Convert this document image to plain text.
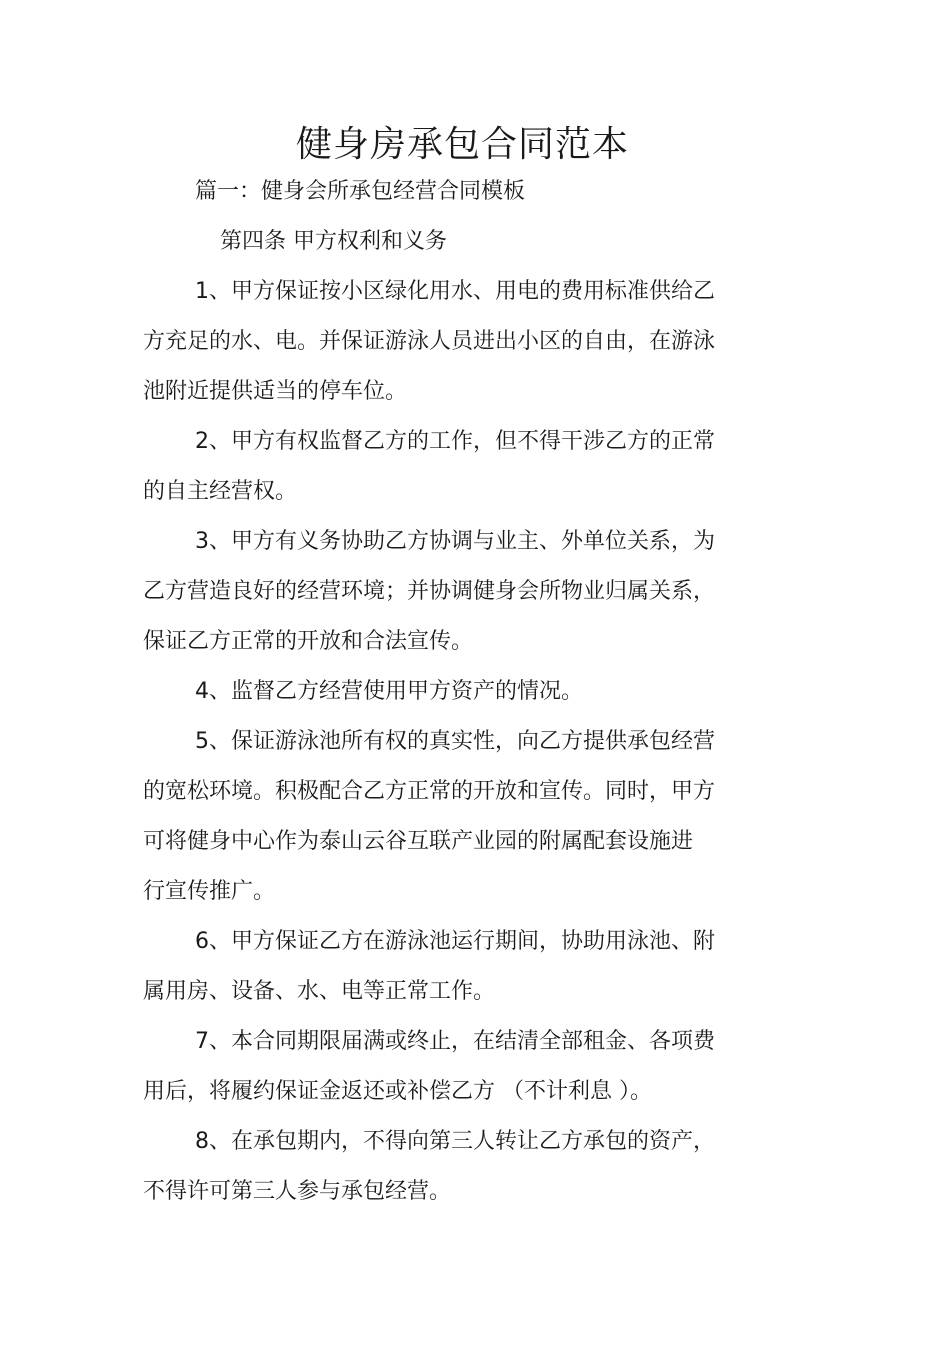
健身房承包合同范本
篇一：健身会所承包经营合同模板
第四条 甲方权利和义务
1、甲方保证按小区绿化用水、用电的费用标准供给乙
方充足的水、电。并保证游泳人员进出小区的自由，在游泳
池附近提供适当的停车位。
2、甲方有权监督乙方的工作，但不得干涉乙方的正常
的自主经营权。
3、甲方有义务协助乙方协调与业主、外单位关系，为
乙方营造良好的经营环境；并协调健身会所物业归属关系，
保证乙方正常的开放和合法宣传。
4、监督乙方经营使用甲方资产的情况。
5、保证游泳池所有权的真实性，向乙方提供承包经营
的宽松环境。积极配合乙方正常的开放和宣传。同时，甲方
可将健身中心作为泰山云谷互联产业园的附属配套设施进
行宣传推广。
6、甲方保证乙方在游泳池运行期间，协助用泳池、附
属用房、设备、水、电等正常工作。
7、本合同期限届满或终止，在结清全部租金、各项费
用后，将履约保证金返还或补偿乙方 （不计利息 ）。
8、在承包期内，不得向第三人转让乙方承包的资产，
不得许可第三人参与承包经营。
